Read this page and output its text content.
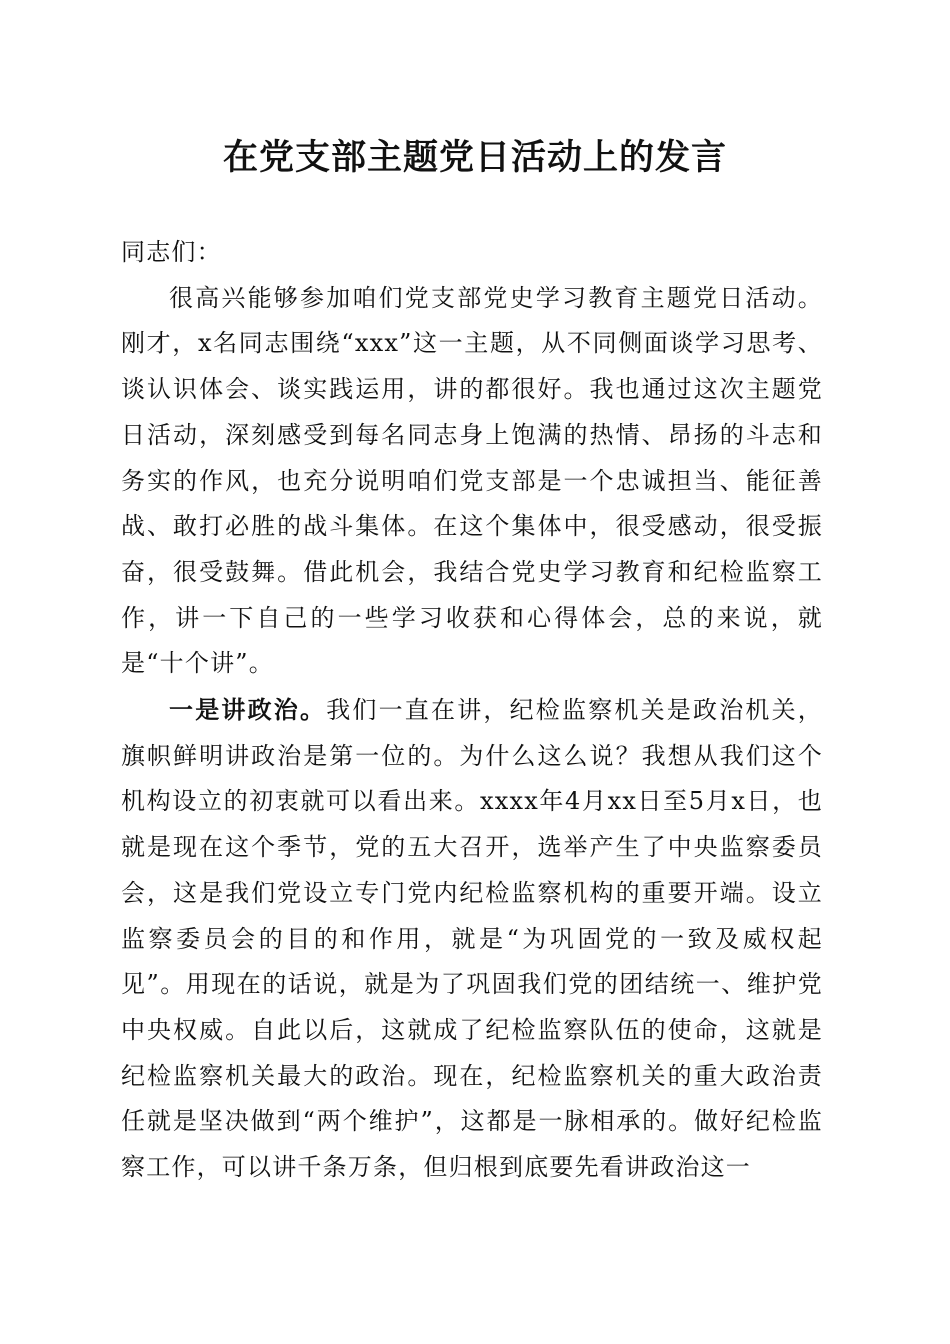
在党支部主题党日活动上的发言

同志们：

很高兴能够参加咱们党支部党史学习教育主题党日活动。刚才，x名同志围绕“xxx”这一主题，从不同侧面谈学习思考、谈认识体会、谈实践运用，讲的都很好。我也通过这次主题党日活动，深刻感受到每名同志身上饱满的热情、昂扬的斗志和务实的作风，也充分说明咱们党支部是一个忠诚担当、能征善战、敢打必胜的战斗集体。在这个集体中，很受感动，很受振奋，很受鼓舞。借此机会，我结合党史学习教育和纪检监察工作，讲一下自己的一些学习收获和心得体会，总的来说，就是“十个讲”。

一是讲政治。我们一直在讲，纪检监察机关是政治机关，旗帜鲜明讲政治是第一位的。为什么这么说？我想从我们这个机构设立的初衷就可以看出来。xxxx年4月xx日至5月x日，也就是现在这个季节，党的五大召开，选举产生了中央监察委员会，这是我们党设立专门党内纪检监察机构的重要开端。设立监察委员会的目的和作用，就是“为巩固党的一致及威权起见”。用现在的话说，就是为了巩固我们党的团结统一、维护党中央权威。自此以后，这就成了纪检监察队伍的使命，这就是纪检监察机关最大的政治。现在，纪检监察机关的重大政治责任就是坚决做到“两个维护”，这都是一脉相承的。做好纪检监察工作，可以讲千条万条，但归根到底要先看讲政治这一
